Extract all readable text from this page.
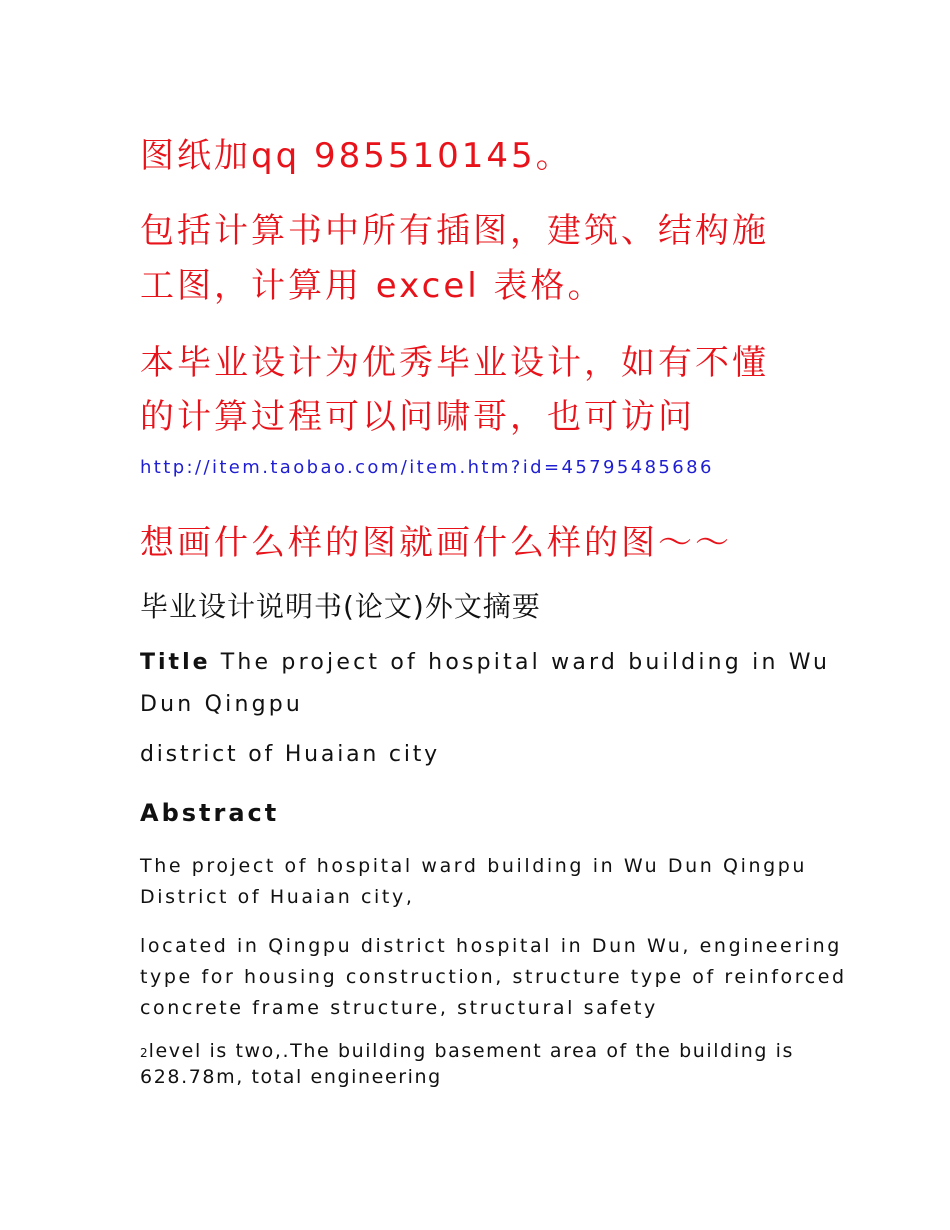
图纸加qq 985510145。

包括计算书中所有插图，建筑、结构施

工图，计算用 excel 表格。

本毕业设计为优秀毕业设计，如有不懂

的计算过程可以问啸哥，也可访问

http://item.taobao.com/item.htm?id=45795485686

想画什么样的图就画什么样的图～～

毕业设计说明书(论文)外文摘要

Title The project of hospital ward building in Wu

Dun Qingpu

district of Huaian city

Abstract

The project of hospital ward building in Wu Dun Qingpu

District of Huaian city,

located in Qingpu district hospital in Dun Wu, engineering

type for housing construction, structure type of reinforced

concrete frame structure, structural safety

2level is two,.The building basement area of the building is

628.78m, total engineering
